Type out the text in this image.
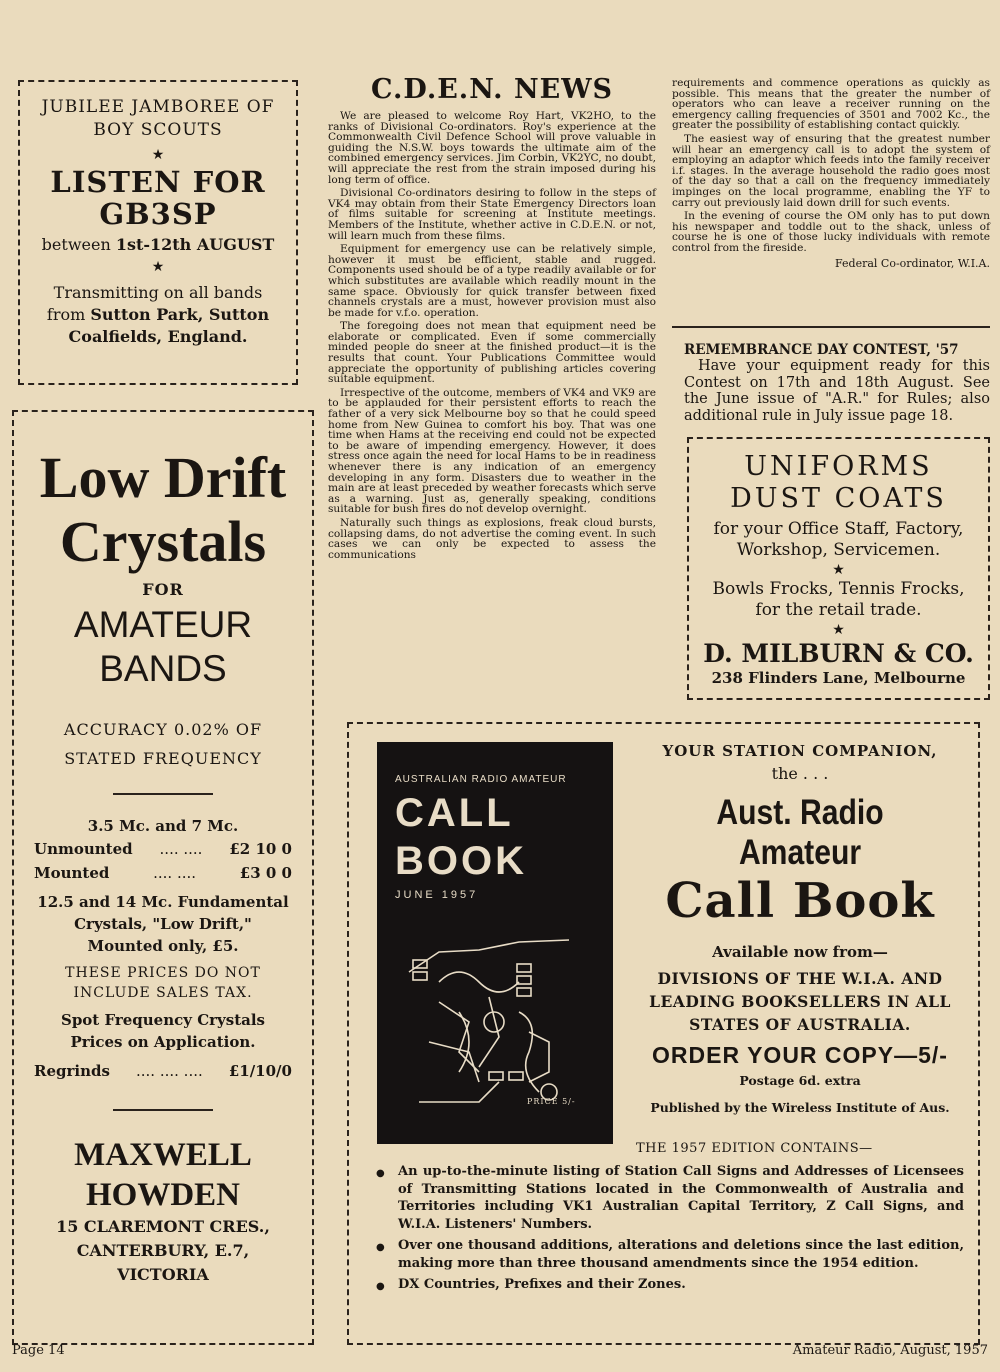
JUBILEE JAMBOREE OF
BOY SCOUTS
★
LISTEN FOR
GB3SP
between 1st-12th AUGUST
★
Transmitting on all bands
from Sutton Park, Sutton
Coalfields, England.
Low Drift
Crystals
FOR
AMATEUR
BANDS
ACCURACY 0.02% OF
STATED FREQUENCY
3.5 Mc. and 7 Mc.
Unmounted .... .... £2 10 0
Mounted	.... ....	£3 0 0
12.5 and 14 Mc. Fundamental
Crystals, "Low Drift,"
Mounted only, £5.
THESE PRICES DO NOT
INCLUDE SALES TAX.
Spot Frequency Crystals
Prices on Application.
Regrinds .... .... .... £1/10/0
MAXWELL HOWDEN
15 CLAREMONT CRES.,
CANTERBURY, E.7,
VICTORIA
C.D.E.N. NEWS

We are pleased to welcome Roy Hart, VK2HO, to the ranks of Divisional Co-ordinators. Roy's experience at the Commonwealth Civil Defence School will prove valuable in guiding the N.S.W. boys towards the ultimate aim of the combined emergency services. Jim Corbin, VK2YC, no doubt, will appreciate the rest from the strain imposed during his long term of office.

Divisional Co-ordinators desiring to follow in the steps of VK4 may obtain from their State Emergency Directors loan of films suitable for screening at Institute meetings. Members of the Institute, whether active in C.D.E.N. or not, will learn much from these films.

Equipment for emergency use can be relatively simple, however it must be efficient, stable and rugged. Components used should be of a type readily available or for which substitutes are available which readily mount in the same space. Obviously for quick transfer between fixed channels crystals are a must, however provision must also be made for v.f.o. operation.

The foregoing does not mean that equipment need be elaborate or complicated. Even if some commercially minded people do sneer at the finished product—it is the results that count. Your Publications Committee would appreciate the opportunity of publishing articles covering suitable equipment.

Irrespective of the outcome, members of VK4 and VK9 are to be applauded for their persistent efforts to reach the father of a very sick Melbourne boy so that he could speed home from New Guinea to comfort his boy. That was one time when Hams at the receiving end could not be expected to be aware of impending emergency. However, it does stress once again the need for local Hams to be in readiness whenever there is any indication of an emergency developing in any form. Disasters due to weather in the main are at least preceded by weather forecasts which serve as a warning. Just as, generally speaking, conditions suitable for bush fires do not develop overnight.

Naturally such things as explosions, freak cloud bursts, collapsing dams, do not advertise the coming event. In such cases we can only be expected to assess the communications

requirements and commence operations as quickly as possible. This means that the greater the number of operators who can leave a receiver running on the emergency calling frequencies of 3501 and 7002 Kc., the greater the possibility of establishing contact quickly.

The easiest way of ensuring that the greatest number will hear an emergency call is to adopt the system of employing an adaptor which feeds into the family receiver i.f. stages. In the average household the radio goes most of the day so that a call on the frequency immediately impinges on the local programme, enabling the YF to carry out previously laid down drill for such events.

In the evening of course the OM only has to put down his newspaper and toddle out to the shack, unless of course he is one of those lucky individuals with remote control from the fireside.

Federal Co-ordinator, W.I.A.
REMEMBRANCE DAY CONTEST, '57
Have your equipment ready for this Contest on 17th and 18th August. See the June issue of "A.R." for Rules; also additional rule in July issue page 18.
UNIFORMS
DUST COATS
for your Office Staff, Factory,
Workshop, Servicemen.
★
Bowls Frocks, Tennis Frocks,
for the retail trade.
★
D. MILBURN & CO.
238 Flinders Lane, Melbourne
AUSTRALIAN RADIO AMATEUR
CALL
BOOK
JUNE 1957
PRICE 5/-
YOUR STATION COMPANION,
the . . .
Aust. Radio Amateur
Call Book
Available now from—
DIVISIONS OF THE W.I.A. AND
LEADING BOOKSELLERS IN ALL
STATES OF AUSTRALIA.
ORDER YOUR COPY—5/-
Postage 6d. extra
Published by the Wireless Institute of Aus.
THE 1957 EDITION CONTAINS—
●	An up-to-the-minute listing of Station Call Signs and Addresses of Licensees of Transmitting Stations located in the Commonwealth of Australia and Territories including VK1 Australian Capital Territory, Z Call Signs, and W.I.A. Listeners' Numbers.
●	Over one thousand additions, alterations and deletions since the last edition, making more than three thousand amendments since the 1954 edition.
●	DX Countries, Prefixes and their Zones.
Page 14	Amateur Radio, August, 1957
